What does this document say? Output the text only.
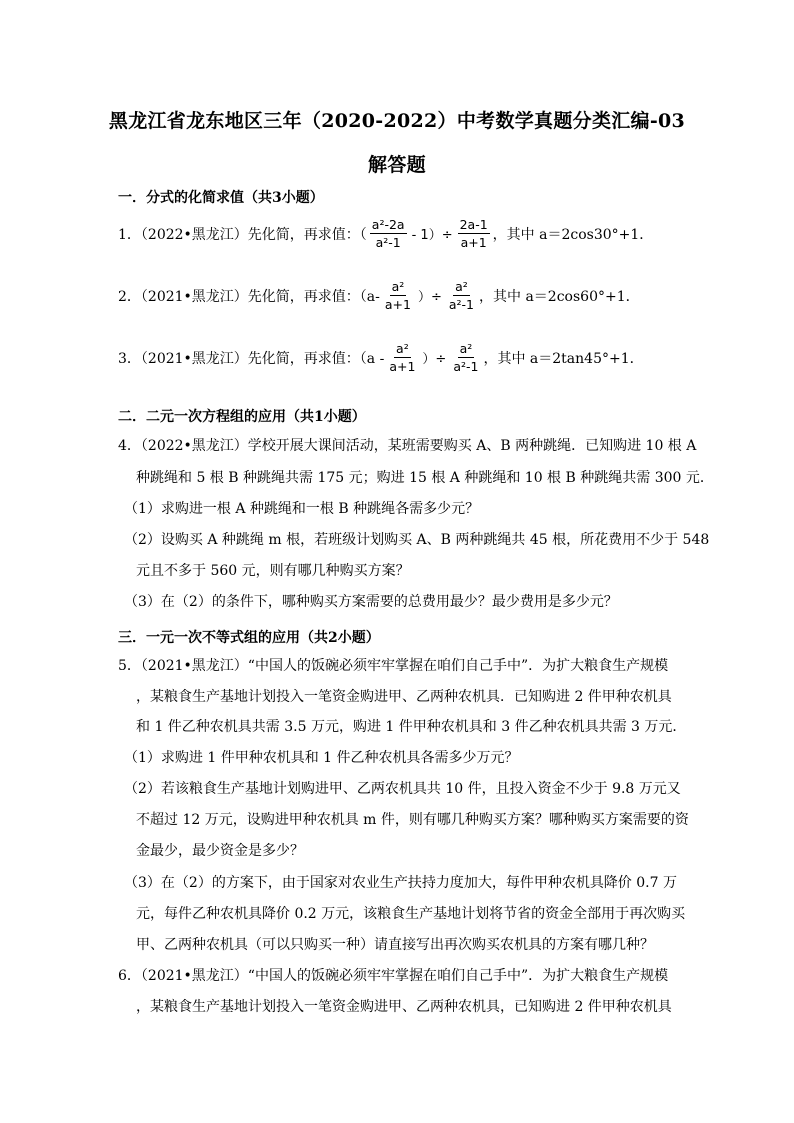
黑龙江省龙东地区三年（2020-2022）中考数学真题分类汇编-03
解答题
一．分式的化简求值（共3小题）
1．（2022•黑龙江）先化简，再求值：（ $\frac{\text{a²-2a}}{\text{a²-1}} - 1)\div \frac{2a-1}{a+1}$ ，其中 a＝2cos30°+1．
2．（2021•黑龙江）先化简，再求值：（$a- \frac{\text{a²}}{a+1}$ ）÷ $\frac{\text{a²}}{\text{a²-1}}$ ，其中 a＝2cos60°+1．
3．（2021•黑龙江）先化简，再求值：（$a - \frac{\text{a²}}{a+1}$ ）÷ $\frac{\text{a²}}{\text{a²-1}}$ ，其中 a＝2tan45°+1．
二．二元一次方程组的应用（共1小题）
4．（2022•黑龙江）学校开展大课间活动，某班需要购买 A、B 两种跳绳．已知购进 10 根 A
种跳绳和 5 根 B 种跳绳共需 175 元；购进 15 根 A 种跳绳和 10 根 B 种跳绳共需 300 元．
（1）求购进一根 A 种跳绳和一根 B 种跳绳各需多少元？
（2）设购买 A 种跳绳 m 根，若班级计划购买 A、B 两种跳绳共 45 根，所花费用不少于 548
元且不多于 560 元，则有哪几种购买方案？
（3）在（2）的条件下，哪种购买方案需要的总费用最少？最少费用是多少元？
三．一元一次不等式组的应用（共2小题）
5．（2021•黑龙江）“中国人的饭碗必须牢牢掌握在咱们自己手中”．为扩大粮食生产规模
，某粮食生产基地计划投入一笔资金购进甲、乙两种农机具．已知购进 2 件甲种农机具
和 1 件乙种农机具共需 3.5 万元，购进 1 件甲种农机具和 3 件乙种农机具共需 3 万元．
（1）求购进 1 件甲种农机具和 1 件乙种农机具各需多少万元？
（2）若该粮食生产基地计划购进甲、乙两农机具共 10 件，且投入资金不少于 9.8 万元又
不超过 12 万元，设购进甲种农机具 m 件，则有哪几种购买方案？哪种购买方案需要的资
金最少，最少资金是多少？
（3）在（2）的方案下，由于国家对农业生产扶持力度加大，每件甲种农机具降价 0.7 万
元，每件乙种农机具降价 0.2 万元，该粮食生产基地计划将节省的资金全部用于再次购买
甲、乙两种农机具（可以只购买一种）请直接写出再次购买农机具的方案有哪几种？
6．（2021•黑龙江）“中国人的饭碗必须牢牢掌握在咱们自己手中”．为扩大粮食生产规模
，某粮食生产基地计划投入一笔资金购进甲、乙两种农机具，已知购进 2 件甲种农机具
